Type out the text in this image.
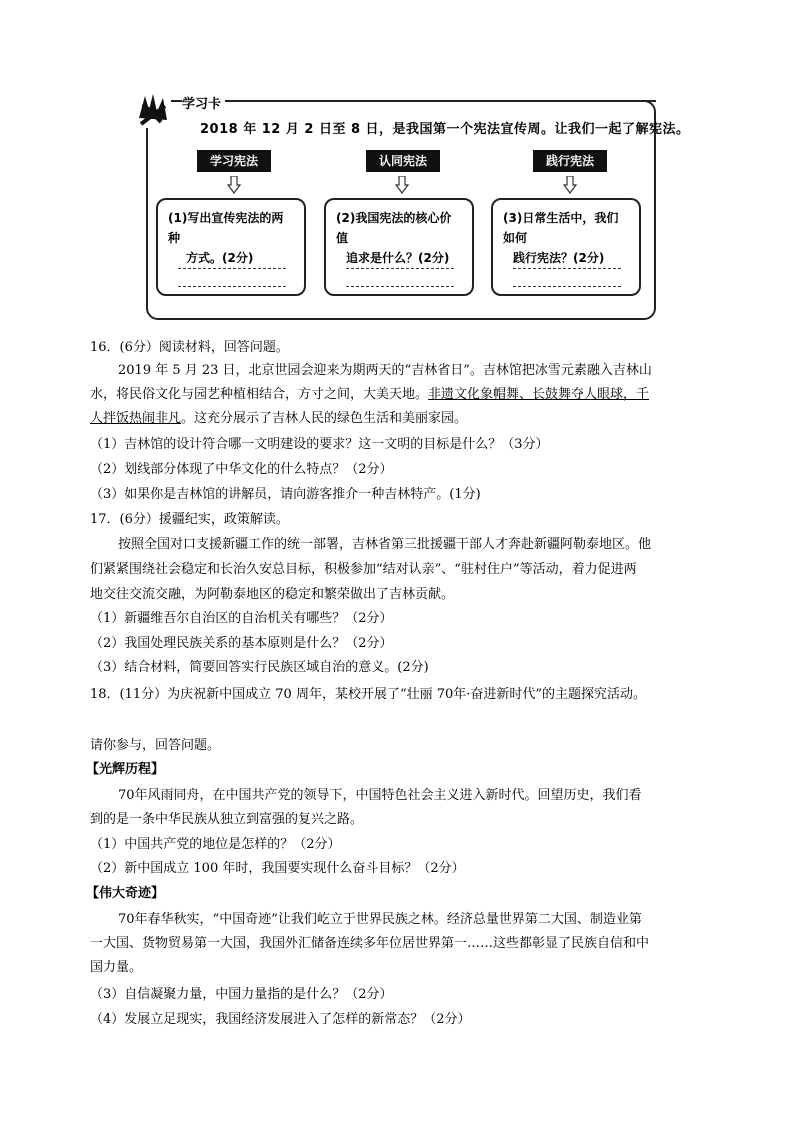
学习卡
2018 年 12 月 2 日至 8 日，是我国第一个宪法宣传周。让我们一起了解宪法。
学习宪法	认同宪法	践行宪法
(1)写出宣传宪法的两种
方式。(2分)
(2)我国宪法的核心价值
追求是什么？(2分)
(3)日常生活中，我们如何
践行宪法？(2分)
16．(6分）阅读材料，回答问题。
2019 年 5 月 23 日，北京世园会迎来为期两天的“吉林省日”。吉林馆把冰雪元素融入吉林山
水，将民俗文化与园艺种植相结合，方寸之间，大美天地。非遗文化象帽舞、长鼓舞夺人眼球，千
人拌饭热闹非凡。这充分展示了吉林人民的绿色生活和美丽家园。
（1）吉林馆的设计符合哪一文明建设的要求？这一文明的目标是什么？（3分）
（2）划线部分体现了中华文化的什么特点？（2分）
（3）如果你是吉林馆的讲解员，请向游客推介一种吉林特产。(1分)
17．(6分）援疆纪实，政策解读。
按照全国对口支援新疆工作的统一部署，吉林省第三批援疆干部人才奔赴新疆阿勒泰地区。他
们紧紧围绕社会稳定和长治久安总目标，积极参加“结对认亲”、“驻村住户”等活动，着力促进两
地交往交流交融，为阿勒泰地区的稳定和繁荣做出了吉林贡献。
（1）新疆维吾尔自治区的自治机关有哪些？（2分）
（2）我国处理民族关系的基本原则是什么？（2分）
（3）结合材料，简要回答实行民族区域自治的意义。(2分)
18．(11分）为庆祝新中国成立 70 周年，某校开展了“壮丽 70年·奋进新时代”的主题探究活动。
请你参与，回答问题。
【光辉历程】
70年风雨同舟，在中国共产党的领导下，中国特色社会主义进入新时代。回望历史，我们看
到的是一条中华民族从独立到富强的复兴之路。
（1）中国共产党的地位是怎样的？（2分）
（2）新中国成立 100 年时，我国要实现什么奋斗目标？（2分）
【伟大奇迹】
70年春华秋实，“中国奇迹”让我们屹立于世界民族之林。经济总量世界第二大国、制造业第
一大国、货物贸易第一大国，我国外汇储备连续多年位居世界第一……这些都彰显了民族自信和中
国力量。
（3）自信凝聚力量，中国力量指的是什么？（2分）
（4）发展立足现实，我国经济发展进入了怎样的新常态？（2分）
